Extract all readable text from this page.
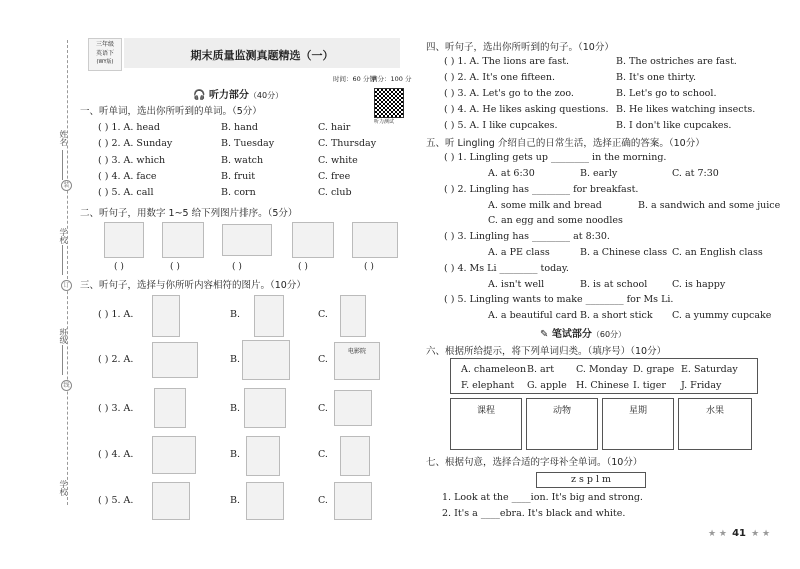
姓名
装
学校
订
班级
线
学校
三年级
英语下
(WY版)	期末质量监测真题精选（一）
时间：60 分钟
满分：100 分
听力测试
🎧 听力部分（40分）
一、听单词，选出你所听到的单词。（5分）
( ) 1. A. head	B. hand	C. hair
( ) 2. A. Sunday	B. Tuesday	C. Thursday
( ) 3. A. which	B. watch	C. white
( ) 4. A. face	B. fruit	C. free
( ) 5. A. call	B. corn	C. club
二、听句子，用数字 1~5 给下列图片排序。（5分）
( )	( )	( )	( )	( )
三、听句子，选择与你所听内容相符的图片。（10分）
( ) 1. A.	B.	C.
( ) 2. A.	B.	C.
电影院
( ) 3. A.	B.	C.
( ) 4. A.	B.	C.
( ) 5. A.	B.	C.
四、听句子，选出你所听到的句子。（10分）
( ) 1. A. The lions are fast.	B. The ostriches are fast.
( ) 2. A. It's one fifteen.	B. It's one thirty.
( ) 3. A. Let's go to the zoo.	B. Let's go to school.
( ) 4. A. He likes asking questions. B. He likes watching insects.
( ) 5. A. I like cupcakes.	B. I don't like cupcakes.
五、听 Lingling 介绍自己的日常生活，选择正确的答案。（10分）
( ) 1. Lingling gets up ________ in the morning.
A. at 6:30	B. early	C. at 7:30
( ) 2. Lingling has ________ for breakfast.
A. some milk and bread	B. a sandwich and some juice
C. an egg and some noodles
( ) 3. Lingling has ________ at 8:30.
A. a PE class	B. a Chinese class C. an English class
( ) 4. Ms Li ________ today.
A. isn't well	B. is at school	C. is happy
( ) 5. Lingling wants to make ________ for Ms Li.
A. a beautiful card B. a short stick C. a yummy cupcake
✎ 笔试部分（60分）
六、根据所给提示，将下列单词归类。（填序号）（10分）
A. chameleon B. art C. Monday D. grape E. Saturday
F. elephant G. apple H. Chinese I. tiger J. Friday
课程	动物	星期	水果
七、根据句意，选择合适的字母补全单词。（10分）
z s p l m
1. Look at the ____ion. It's big and strong.
2. It's a ____ebra. It's black and white.
★ ★ 41 ★ ★
